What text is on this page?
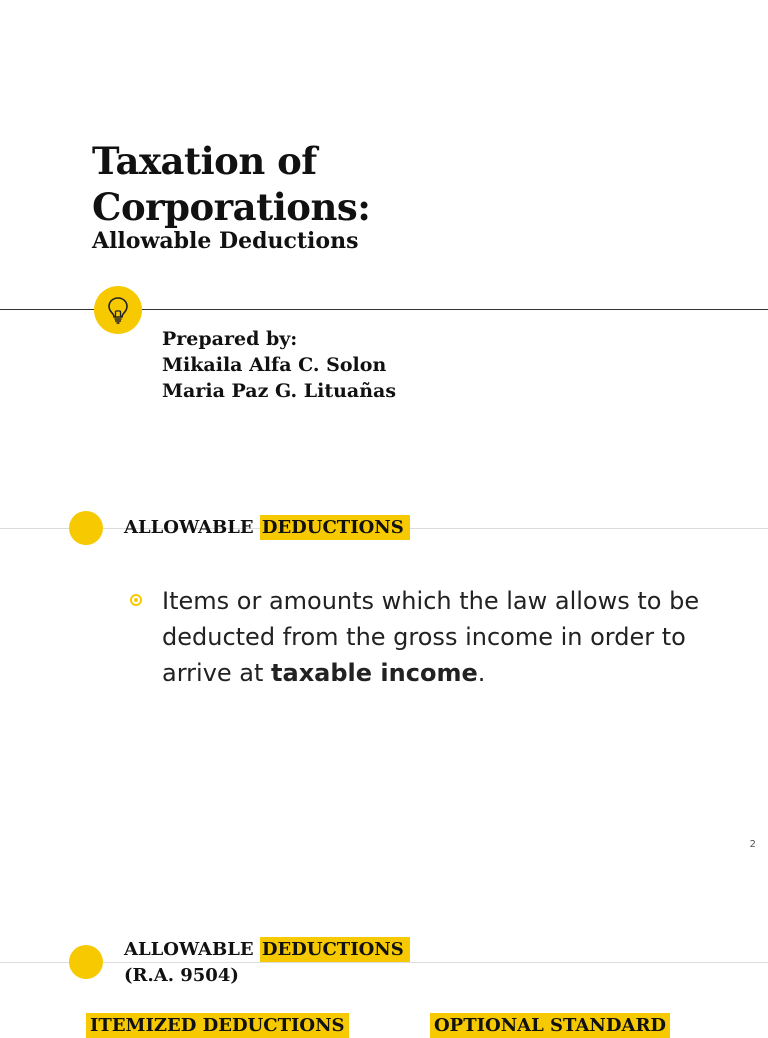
Taxation of
Corporations:
Allowable Deductions
Prepared by:
Mikaila Alfa C. Solon
Maria Paz G. Lituañas
ALLOWABLE DEDUCTIONS
Items or amounts which the law allows to be deducted from the gross income in order to arrive at taxable income.
2
ALLOWABLE DEDUCTIONS
(R.A. 9504)
ITEMIZED DEDUCTIONS	OPTIONAL STANDARD
